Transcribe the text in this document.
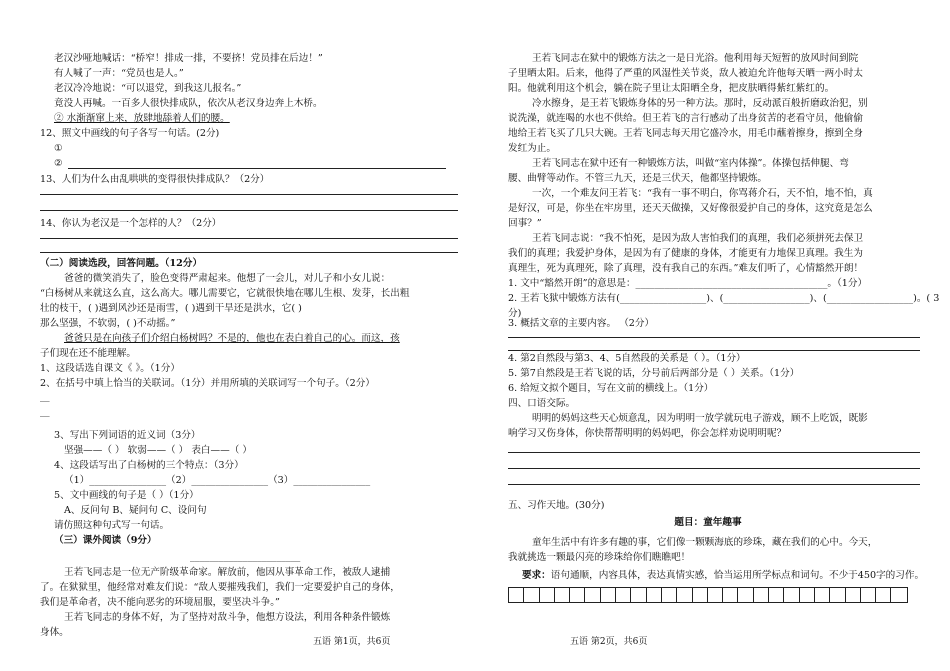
老汉沙哑地喊话：“桥窄！排成一排，不要挤！党员排在后边！”
有人喊了一声：“党员也是人。”
老汉冷冷地说：“可以退党，到我这儿报名。”
竟没人再喊。一百多人很快排成队，依次从老汉身边奔上木桥。
② 水渐渐窜上来，放肆地舔着人们的腰。
12、照文中画线的句子各写一句话。(2分)
①
②
13、人们为什么由乱哄哄的变得很快排成队？（2分）
14、你认为老汉是一个怎样的人？（2分）
（二）阅读选段，回答问题。（12分）
爸爸的微笑消失了，脸色变得严肃起来。他想了一会儿，对儿子和小女儿说：
“白杨树从来就这么直，这么高大。哪儿需要它，它就很快地在哪儿生根、发芽，长出粗
壮的枝干，( )遇到风沙还是雨雪，( )遇到干旱还是洪水，它( )
那么坚强，不软弱，( )不动摇。”
爸爸只是在向孩子们介绍白杨树吗？不是的，他也在表白着自己的心。而这，孩
子们现在还不能理解。
1、这段话选自课文《 》。（1分）
2、在括号中填上恰当的关联词。（1分）并用所填的关联词写一个句子。（2分）
＿
＿
3、写出下列词语的近义词（3分）
坚强——（ ） 软弱——（ ） 表白——（ ）
4、这段话写出了白杨树的三个特点：（3分）
（1）________________（2）________________（3）________________
5、文中画线的句子是（ ）（1分）
A、反问句 B、疑问句 C、设问句
请仿照这种句式写一句话。
（三）课外阅读（9分）
_______________________
王若飞同志是一位无产阶级革命家。解放前，他因从事革命工作，被敌人逮捕
了。在狱狱里，他经常对难友们说：“敌人要摧残我们，我们一定要爱护自己的身体，
我们是革命者，决不能向恶劣的环境屈服，要坚决斗争。”
王若飞同志的身体不好，为了坚持对敌斗争，他想方设法，利用各种条件锻炼
身体。
五语 第1页，共6页
王若飞同志在狱中的锻炼方法之一是日光浴。他利用每天短暂的放风时间到院
子里晒太阳。后来，他得了严重的风湿性关节炎，敌人被迫允许他每天晒一两小时太
阳。他就利用这个机会，躺在院子里让太阳晒全身，把皮肤晒得紫红紫红的。
冷水擦身，是王若飞锻炼身体的另一种方法。那时，反动派百般折磨政治犯，别
说洗澡，就连喝的水也不供给。但王若飞的言行感动了出身贫苦的老看守员，他偷偷
地给王若飞买了几只大碗。王若飞同志每天用它盛冷水，用毛巾蘸着擦身，擦到全身
发红为止。
王若飞同志在狱中还有一种锻炼方法，叫做“室内体操”。体操包括伸腿、弯
腰、曲臂等动作。不管三九天，还是三伏天，他都坚持锻炼。
一次，一个难友问王若飞：“我有一事不明白，你骂蒋介石，天不怕，地不怕，真
是好汉，可是，你坐在牢房里，还天天做操，又好像很爱护自己的身体，这究竟是怎么
回事？”
王若飞同志说：“我不怕死，是因为敌人害怕我们的真理，我们必须拼死去保卫
我们的真理；我爱护身体，是因为有了健康的身体，才能更有力地保卫真理。我生为
真理生，死为真理死，除了真理，没有我自己的东西。”难友们听了，心情豁然开朗！
1. 文中“豁然开朗”的意思是：________________________________________。（1分）
2. 王若飞狱中锻炼方法有(__________________)、(__________________)、(__________________)。( 3
分)
3. 概括文章的主要内容。 （2分）
4. 第2自然段与第3、4、5自然段的关系是（ ）。（1分）
5. 第7自然段是王若飞说的话，分号前后两部分是（ ）关系。（1分）
6. 给短文拟个题目，写在文前的横线上。（1分）
四、口语交际。
明明的妈妈这些天心烦意乱，因为明明一放学就玩电子游戏，顾不上吃饭，既影
响学习又伤身体，你快帮帮明明的妈妈吧，你会怎样劝说明明呢？
五、习作天地。(30分)
题目：童年趣事
童年生活中有许多有趣的事，它们像一颗颗海底的珍珠，藏在我们的心中。今天，
我就挑选一颗最闪亮的珍珠给你们瞧瞧吧！
要求：语句通顺，内容具体，表达真情实感，恰当运用所学标点和词句。不少于450字的习作。
五语 第2页，共6页
